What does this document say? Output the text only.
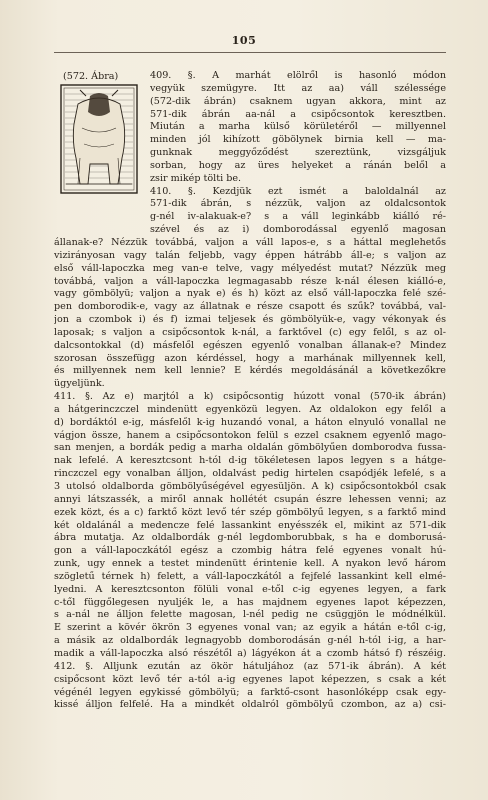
105
(572. Ábra)	409. §. A marhát elölről is hasonló módon
vegyük szemügyre. Itt az aa) váll szélessége
(572-dik ábrán) csaknem ugyan akkora, mint az
571-dik ábrán aa-nál a csipőcsontok keresztben.
Miután a marha külső körületéről — millyennel
minden jól kihízott göbölynek birnia kell — ma-
gunknak meggyőződést szereztünk, vizsgáljuk
sorban, hogy az üres helyeket a ránán belől a
zsir mikép tölti be.
410. §. Kezdjük ezt ismét a baloldalnál az
571-dik ábrán, s nézzük, valjon az oldalcsontok
g-nél iv-alakuak-e? s a váll leginkább kiálló ré-
szével és az i) domborodással egyenlő magosan
állanak-e? Nézzük továbbá, valjon a váll lapos-e, s a háttal meglehetős
vizirányosan vagy talán feljebb, vagy éppen hátrább áll-e; s valjon az
első váll-lapoczka meg van-e telve, vagy mélyedést mutat? Nézzük meg
továbbá, valjon a váll-lapoczka legmagasabb része k-nál élesen kiálló-e,
vagy gömbölyü; valjon a nyak e) és h) közt az első váll-lapoczka felé szé-
pen domborodik-e, vagy az állatnak e része csapott és szűk? továbbá, val-
jon a czombok i) és f) izmai teljesek és gömbölyük-e, vagy vékonyak és
laposak; s valjon a csipőcsontok k-nál, a farktővel (c) egy felől, s az ol-
dalcsontokkal (d) másfelől egészen egyenlő vonalban állanak-e? Mindez
szorosan összefügg azon kérdéssel, hogy a marhának millyennek kell,
és millyennek nem kell lennie? E kérdés megoldásánál a következőkre
ügyeljünk.
411. §. Az e) marjtól a k) csipőcsontig húzott vonal (570-ik ábrán)
a hátgerinczczel mindenütt egyenközü legyen. Az oldalokon egy felől a
d) bordáktól e-ig, másfelől k-ig huzandó vonal, a háton elnyuló vonallal ne
vágjon össze, hanem a csipőcsontokon felül s ezzel csaknem egyenlő mago-
san menjen, a bordák pedig a marha oldalán gömbölyűen domborodva fussa-
nak lefelé. A keresztcsont h-tól d-ig tökéletesen lapos legyen s a hátge-
rinczczel egy vonalban álljon, oldalvást pedig hirtelen csapódjék lefelé, s a
3 utolsó oldalborda gömbölyűségével egyesüljön. A k) csipőcsontokból csak
annyi látszassék, a miről annak hollétét csupán észre lehessen venni; az
ezek közt, és a c) farktő közt levő tér szép gömbölyű legyen, s a farktő mind
két oldalánál a medencze felé lassankint enyésszék el, mikint az 571-dik
ábra mutatja. Az oldalbordák g-nél legdomborubbak, s ha e domborusá-
gon a váll-lapoczkától egész a czombig hátra felé egyenes vonalt hú-
zunk, ugy ennek a testet mindenütt érintenie kell. A nyakon levő három
szögletű térnek h) felett, a váll-lapoczkától a fejfelé lassankint kell elmé-
lyedni. A keresztcsonton fölüli vonal e-től c-ig egyenes legyen, a fark
c-től függőlegesen nyuljék le, a has majdnem egyenes lapot képezzen,
s a-nál ne álljon felette magosan, l-nél pedig ne csüggjön le módnélkül.
E szerint a kövér ökrön 3 egyenes vonal van; az egyik a hátán e-től c-ig,
a másik az oldalbordák legnagyobb domborodásán g-nél h-tól i-ig, a har-
madik a váll-lapoczka alsó részétől a) lágyékon át a czomb hátsó f) részéig.
412. §. Alljunk ezután az ökör hátuljához (az 571-ik ábrán). A két
csipőcsont közt levő tér a-tól a-ig egyenes lapot képezzen, s csak a két
végénél legyen egykissé gömbölyü; a farktő-csont hasonlóképp csak egy-
kissé álljon felfelé. Ha a mindkét oldalról gömbölyű czombon, az a) csi-
